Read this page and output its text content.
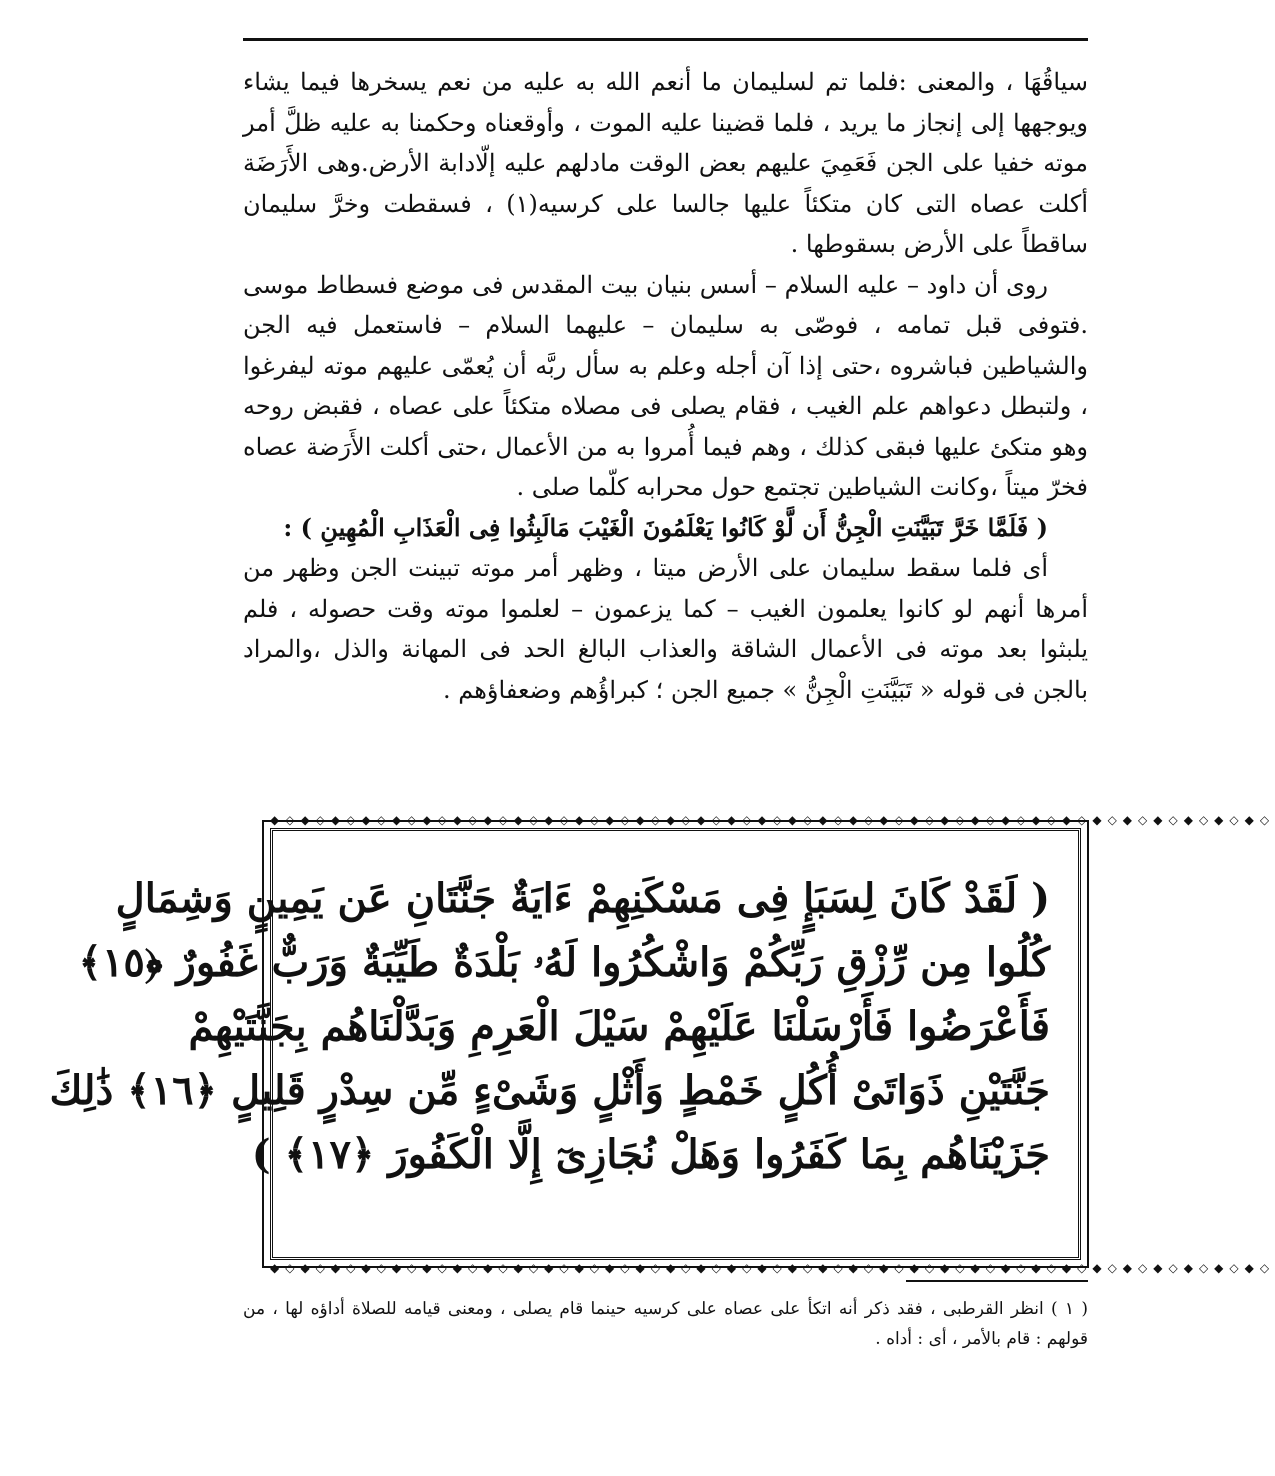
سياقُهَا ، والمعنى :فلما تم لسليمان ما أنعم الله به عليه من نعم يسخرها فيما يشاء ويوجهها إلى إنجاز ما يريد ، فلما قضينا عليه الموت ، وأوقعناه وحكمنا به عليه ظلَّ أمر موته خفيا على الجن فَعَمِيَ عليهم بعض الوقت مادلهم عليه إلّادابة الأرض.وهى الأَرَضَة أكلت عصاه التى كان متكئاً عليها جالسا على كرسيه(١) ، فسقطت وخرَّ سليمان ساقطاً على الأرض بسقوطها .

روى أن داود – عليه السلام – أسس بنيان بيت المقدس فى موضع فسطاط موسى .فتوفى قبل تمامه ، فوصّى به سليمان – عليهما السلام – فاستعمل فيه الجن والشياطين فباشروه ،حتى إذا آن أجله وعلم به سأل ربَّه أن يُعمّى عليهم موته ليفرغوا ، ولتبطل دعواهم علم الغيب ، فقام يصلى فى مصلاه متكئاً على عصاه ، فقبض روحه وهو متكئ عليها فبقى كذلك ، وهم فيما أُمروا به من الأعمال ،حتى أكلت الأَرَضة عصاه فخرّ ميتاً ،وكانت الشياطين تجتمع حول محرابه كلّما صلى .

( فَلَمَّا خَرَّ تَبَيَّنَتِ الْجِنُّ أَن لَّوْ كَانُوا يَعْلَمُونَ الْغَيْبَ مَالَبِثُوا فِى الْعَذَابِ الْمُهِينِ ) :

أى فلما سقط سليمان على الأرض ميتا ، وظهر أمر موته تبينت الجن وظهر من أمرها أنهم لو كانوا يعلمون الغيب – كما يزعمون – لعلموا موته وقت حصوله ، فلم يلبثوا بعد موته فى الأعمال الشاقة والعذاب البالغ الحد فى المهانة والذل ،والمراد بالجن فى قوله « تَبَيَّنَتِ الْجِنُّ » جميع الجن ؛ كبراؤُهم وضعفاؤهم .

◆◇◆◇◆◇◆◇◆◇◆◇◆◇◆◇◆◇◆◇◆◇◆◇◆◇◆◇◆◇◆◇◆◇◆◇◆◇◆◇◆◇◆◇◆◇◆◇◆◇◆◇◆◇◆◇◆◇◆◇◆◇◆◇◆◇
( لَقَدْ كَانَ لِسَبَإٍ فِى مَسْكَنِهِمْ ءَايَةٌ جَنَّتَانِ عَن يَمِينٍ وَشِمَالٍ
كُلُوا مِن رِّزْقِ رَبِّكُمْ وَاشْكُرُوا لَهُۥ بَلْدَةٌ طَيِّبَةٌ وَرَبٌّ غَفُورٌ ﴿١٥﴾
فَأَعْرَضُوا فَأَرْسَلْنَا عَلَيْهِمْ سَيْلَ الْعَرِمِ وَبَدَّلْنَاهُم بِجَنَّتَيْهِمْ
جَنَّتَيْنِ ذَوَاتَىْ أُكُلٍ خَمْطٍ وَأَثْلٍ وَشَىْءٍ مِّن سِدْرٍ قَلِيلٍ ﴿١٦﴾ ذَٰلِكَ
جَزَيْنَاهُم بِمَا كَفَرُوا وَهَلْ نُجَازِىٓ إِلَّا الْكَفُورَ ﴿١٧﴾ )
◆◇◆◇◆◇◆◇◆◇◆◇◆◇◆◇◆◇◆◇◆◇◆◇◆◇◆◇◆◇◆◇◆◇◆◇◆◇◆◇◆◇◆◇◆◇◆◇◆◇◆◇◆◇◆◇◆◇◆◇◆◇◆◇◆◇

( ١ ) انظر القرطبى ، فقد ذكر أنه اتكأ على عصاه على كرسيه حينما قام يصلى ، ومعنى قيامه للصلاة أداؤه لها ، من قولهم : قام بالأمر ، أى : أداه .
